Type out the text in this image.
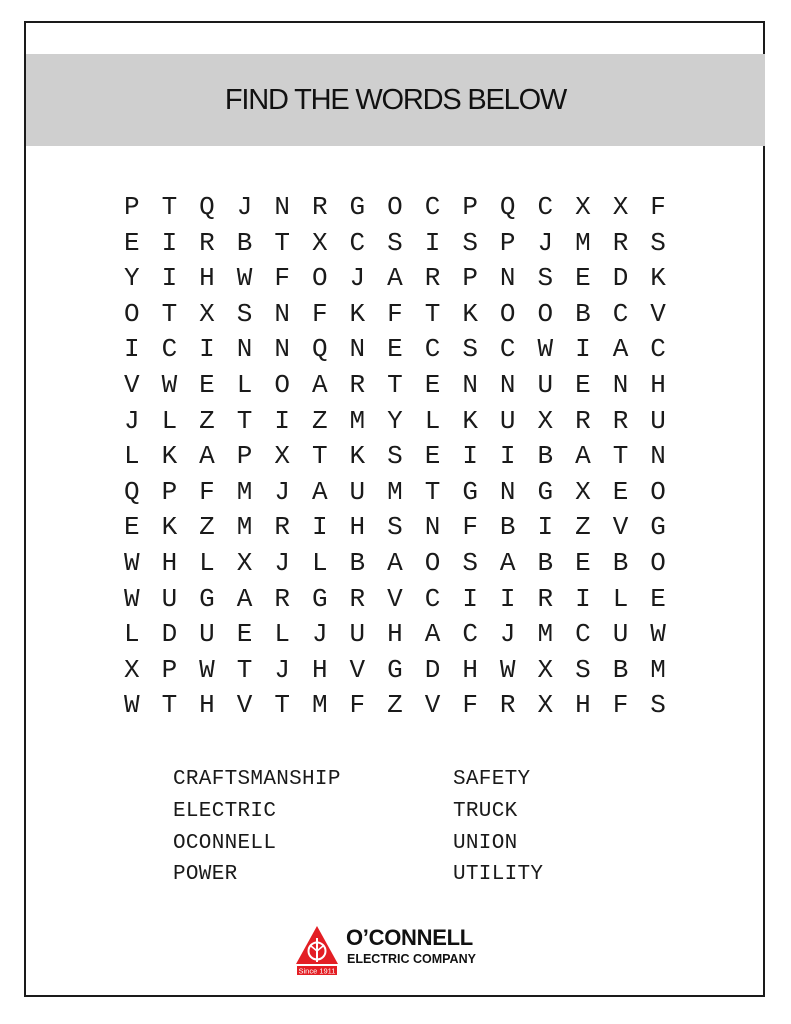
FIND THE WORDS BELOW
P T Q J N R G O C P Q C X X F
E I R B T X C S I S P J M R S
Y I H W F O J A R P N S E D K
O T X S N F K F T K O O B C V
I C I N N Q N E C S C W I A C
V W E L O A R T E N N U E N H
J L Z T I Z M Y L K U X R R U
L K A P X T K S E I I B A T N
Q P F M J A U M T G N G X E O
E K Z M R I H S N F B I Z V G
W H L X J L B A O S A B E B O
W U G A R G R V C I I R I L E
L D U E L J U H A C J M C U W
X P W T J H V G D H W X S B M
W T H V T M F Z V F R X H F S
CRAFTSMANSHIP
ELECTRIC
OCONNELL
POWER
SAFETY
TRUCK
UNION
UTILITY
Since 1911
O’CONNELL
ELECTRIC COMPANY
